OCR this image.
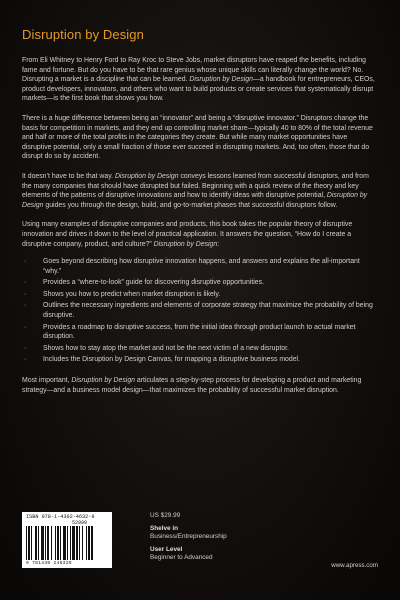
Disruption by Design

From Eli Whitney to Henry Ford to Ray Kroc to Steve Jobs, market disruptors have reaped the benefits, including fame and fortune. But do you have to be that rare genius whose unique skills can literally change the world? No. Disrupting a market is a discipline that can be learned. Disruption by Design—a handbook for entrepreneurs, CEOs, product developers, innovators, and others who want to build products or create services that systematically disrupt markets—is the first book that shows you how.

There is a huge difference between being an “innovator” and being a “disruptive innovator.” Disruptors change the basis for competition in markets, and they end up controlling market share—typically 40 to 80% of the total revenue and half or more of the total profits in the categories they create. But while many market opportunities have disruptive potential, only a small fraction of those ever succeed in disrupting markets. And, too often, those that do disrupt do so by accident.

It doesn’t have to be that way. Disruption by Design conveys lessons learned from successful disruptors, and from the many companies that should have disrupted but failed. Beginning with a quick review of the theory and key elements of the patterns of disruptive innovations and how to identify ideas with disruptive potential, Disruption by Design guides you through the design, build, and go-to-market phases that successful disruptors follow.

Using many examples of disruptive companies and products, this book takes the popular theory of disruptive innovation and drives it down to the level of practical application. It answers the question, “How do I create a disruptive company, product, and culture?” Disruption by Design:

· Goes beyond describing how disruptive innovation happens, and answers and explains the all-important “why.”
· Provides a “where-to-look” guide for discovering disruptive opportunities.
· Shows you how to predict when market disruption is likely.
· Outlines the necessary ingredients and elements of corporate strategy that maximize the probability of being disruptive.
· Provides a roadmap to disruptive success, from the initial idea through product launch to actual market disruption.
· Shows how to stay atop the market and not be the next victim of a new disruptor.
· Includes the Disruption by Design Canvas, for mapping a disruptive business model.

Most important, Disruption by Design articulates a step-by-step process for developing a product and marketing strategy—and a business model design—that maximizes the probability of successful market disruption.

ISBN 978-1-4302-4632-9
52999
9 781430 246329
US $29.99
Shelve in
Business/Entrepreneurship
User Level
Beginner to Advanced
www.apress.com
